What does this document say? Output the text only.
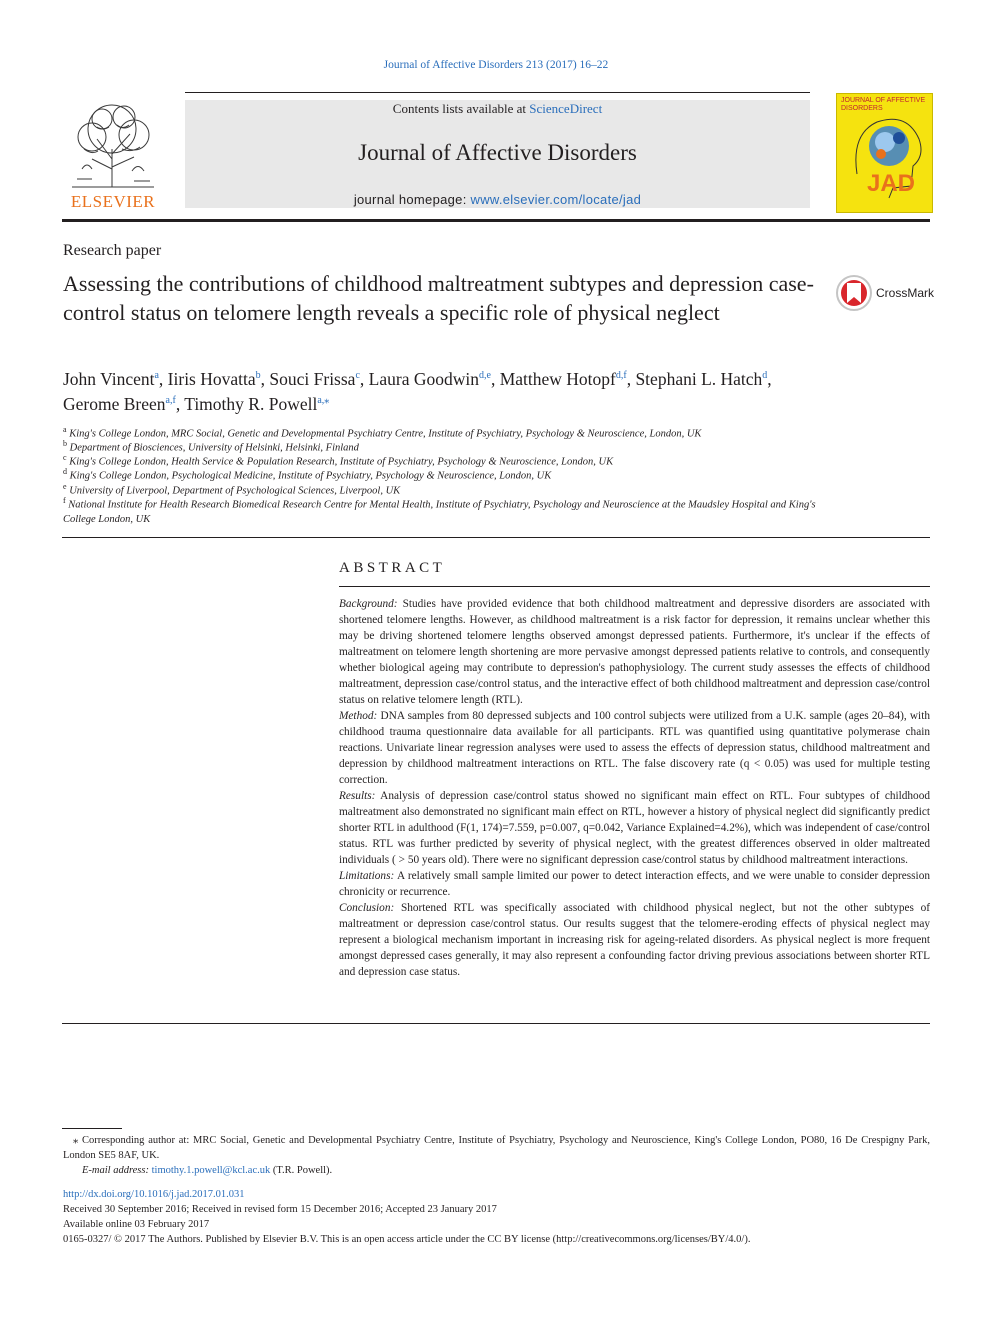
Journal of Affective Disorders 213 (2017) 16–22
ELSEVIER
Contents lists available at ScienceDirect
Journal of Affective Disorders
journal homepage: www.elsevier.com/locate/jad
JOURNAL OF AFFECTIVE DISORDERS
JAD
Research paper
Assessing the contributions of childhood maltreatment subtypes and depression case-control status on telomere length reveals a specific role of physical neglect
CrossMark
John Vincent$^a$, Iiris Hovatta$^b$, Souci Frissa$^c$, Laura Goodwin$^{d,e}$, Matthew Hotopf$^{d,f}$, Stephani L. Hatch$^d$, Gerome Breen$^{a,f}$, Timothy R. Powell$^{a,⁎}$
$^a$ King's College London, MRC Social, Genetic and Developmental Psychiatry Centre, Institute of Psychiatry, Psychology & Neuroscience, London, UK
$^b$ Department of Biosciences, University of Helsinki, Helsinki, Finland
$^c$ King's College London, Health Service & Population Research, Institute of Psychiatry, Psychology & Neuroscience, London, UK
$^d$ King's College London, Psychological Medicine, Institute of Psychiatry, Psychology & Neuroscience, London, UK
$^e$ University of Liverpool, Department of Psychological Sciences, Liverpool, UK
$^f$ National Institute for Health Research Biomedical Research Centre for Mental Health, Institute of Psychiatry, Psychology and Neuroscience at the Maudsley Hospital and King's College London, UK
ABSTRACT

Background: Studies have provided evidence that both childhood maltreatment and depressive disorders are associated with shortened telomere lengths. However, as childhood maltreatment is a risk factor for depression, it remains unclear whether this may be driving shortened telomere lengths observed amongst depressed patients. Furthermore, it's unclear if the effects of maltreatment on telomere length shortening are more pervasive amongst depressed patients relative to controls, and consequently whether biological ageing may contribute to depression's pathophysiology. The current study assesses the effects of childhood maltreatment, depression case/control status, and the interactive effect of both childhood maltreatment and depression case/control status on relative telomere length (RTL).

Method: DNA samples from 80 depressed subjects and 100 control subjects were utilized from a U.K. sample (ages 20–84), with childhood trauma questionnaire data available for all participants. RTL was quantified using quantitative polymerase chain reactions. Univariate linear regression analyses were used to assess the effects of depression status, childhood maltreatment and depression by childhood maltreatment interactions on RTL. The false discovery rate (q < 0.05) was used for multiple testing correction.

Results: Analysis of depression case/control status showed no significant main effect on RTL. Four subtypes of childhood maltreatment also demonstrated no significant main effect on RTL, however a history of physical neglect did significantly predict shorter RTL in adulthood (F(1, 174)=7.559, p=0.007, q=0.042, Variance Explained=4.2%), which was independent of case/control status. RTL was further predicted by severity of physical neglect, with the greatest differences observed in older maltreated individuals ( > 50 years old). There were no significant depression case/control status by childhood maltreatment interactions.

Limitations: A relatively small sample limited our power to detect interaction effects, and we were unable to consider depression chronicity or recurrence.

Conclusion: Shortened RTL was specifically associated with childhood physical neglect, but not the other subtypes of maltreatment or depression case/control status. Our results suggest that the telomere-eroding effects of physical neglect may represent a biological mechanism important in increasing risk for ageing-related disorders. As physical neglect is more frequent amongst depressed cases generally, it may also represent a confounding factor driving previous associations between shorter RTL and depression case status.

⁎ Corresponding author at: MRC Social, Genetic and Developmental Psychiatry Centre, Institute of Psychiatry, Psychology and Neuroscience, King's College London, PO80, 16 De Crespigny Park, London SE5 8AF, UK.

E-mail address: timothy.1.powell@kcl.ac.uk (T.R. Powell).

http://dx.doi.org/10.1016/j.jad.2017.01.031
Received 30 September 2016; Received in revised form 15 December 2016; Accepted 23 January 2017
Available online 03 February 2017
0165-0327/ © 2017 The Authors. Published by Elsevier B.V. This is an open access article under the CC BY license (http://creativecommons.org/licenses/BY/4.0/).
